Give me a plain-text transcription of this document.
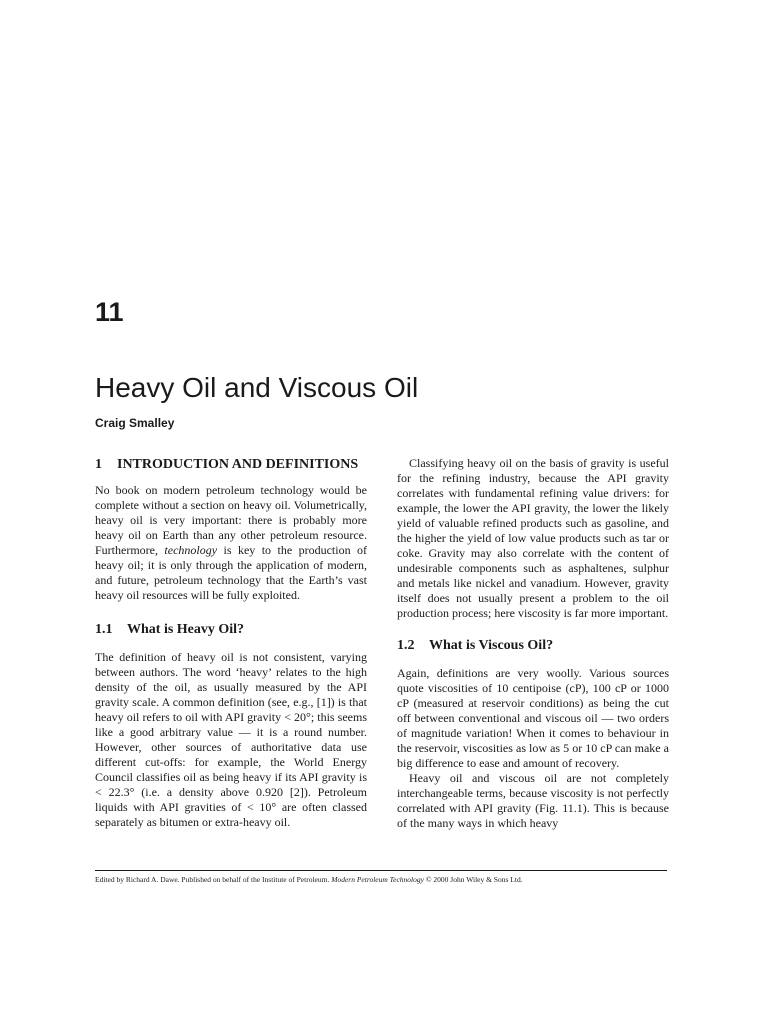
11
Heavy Oil and Viscous Oil
Craig Smalley
1	INTRODUCTION AND DEFINITIONS

No book on modern petroleum technology would be complete without a section on heavy oil. Volumetrically, heavy oil is very important: there is probably more heavy oil on Earth than any other petroleum resource. Furthermore, technology is key to the production of heavy oil; it is only through the application of modern, and future, petroleum technology that the Earth’s vast heavy oil resources will be fully exploited.

1.1	What is Heavy Oil?

The definition of heavy oil is not consistent, varying between authors. The word ‘heavy’ relates to the high density of the oil, as usually measured by the API gravity scale. A common definition (see, e.g., [1]) is that heavy oil refers to oil with API gravity < 20°; this seems like a good arbitrary value — it is a round number. However, other sources of authoritative data use different cut-offs: for example, the World Energy Council classifies oil as being heavy if its API gravity is < 22.3° (i.e. a density above 0.920 [2]). Petroleum liquids with API gravities of < 10° are often classed separately as bitumen or extra-heavy oil.

Classifying heavy oil on the basis of gravity is useful for the refining industry, because the API gravity correlates with fundamental refining value drivers: for example, the lower the API gravity, the lower the likely yield of valuable refined products such as gasoline, and the higher the yield of low value products such as tar or coke. Gravity may also correlate with the content of undesirable components such as asphaltenes, sulphur and metals like nickel and vanadium. However, gravity itself does not usually present a problem to the oil production process; here viscosity is far more important.

1.2	What is Viscous Oil?

Again, definitions are very woolly. Various sources quote viscosities of 10 centipoise (cP), 100 cP or 1000 cP (measured at reservoir conditions) as being the cut off between conventional and viscous oil — two orders of magnitude variation! When it comes to behaviour in the reservoir, viscosities as low as 5 or 10 cP can make a big difference to ease and amount of recovery.

Heavy oil and viscous oil are not completely interchangeable terms, because viscosity is not perfectly correlated with API gravity (Fig. 11.1). This is because of the many ways in which heavy

Edited by Richard A. Dawe. Published on behalf of the Institute of Petroleum. Modern Petroleum Technology © 2000 John Wiley & Sons Ltd.
